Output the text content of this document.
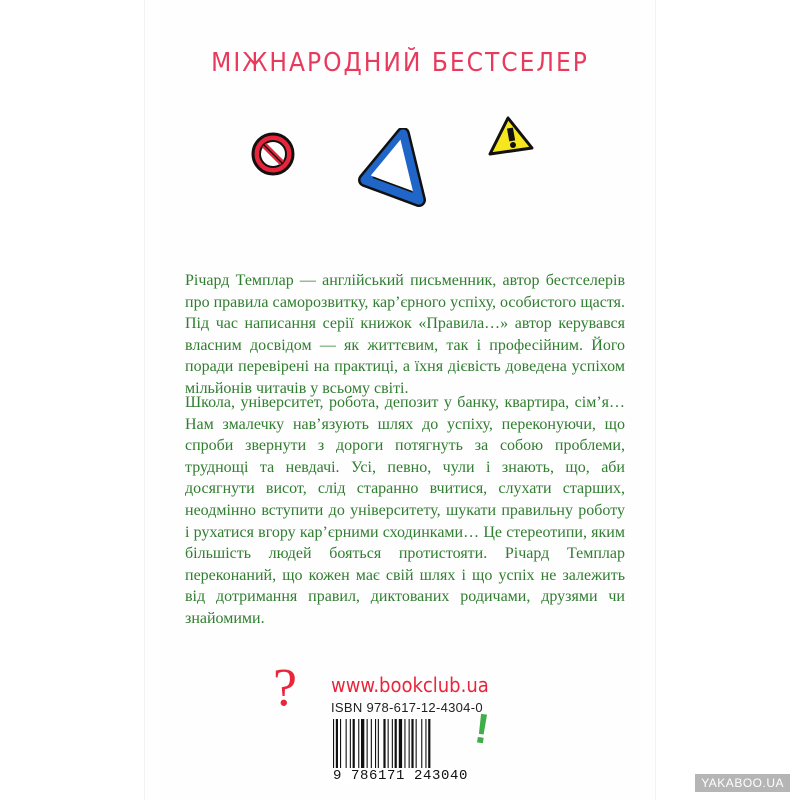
МІЖНАРОДНИЙ БЕСТСЕЛЕР

Річард Темплар — англійський письменник, автор бестселерів про правила саморозвитку, кар’єрного успіху, особистого щастя. Під час написання серії книжок «Правила…» автор керувався власним досвідом — як життєвим, так і професійним. Його поради перевірені на практиці, а їхня дієвість доведена успіхом мільйонів читачів у всьому світі.

Школа, університет, робота, депозит у банку, квартира, сім’я… Нам змалечку нав’язують шлях до успіху, переконуючи, що спроби звернути з дороги потягнуть за собою проблеми, труднощі та невдачі. Усі, певно, чули і знають, що, аби досягнути висот, слід старанно вчитися, слухати старших, неодмінно вступити до університету, шукати правильну роботу і рухатися вгору кар’єрними сходинками… Це стереотипи, яким більшість людей бояться протистояти. Річард Темплар переконаний, що кожен має свій шлях і що успіх не залежить від дотримання правил, диктованих родичами, друзями чи знайомими.

? www.bookclub.ua
ISBN 978-617-12-4304-0
9 786171 243040
!
YAKABOO.UA
